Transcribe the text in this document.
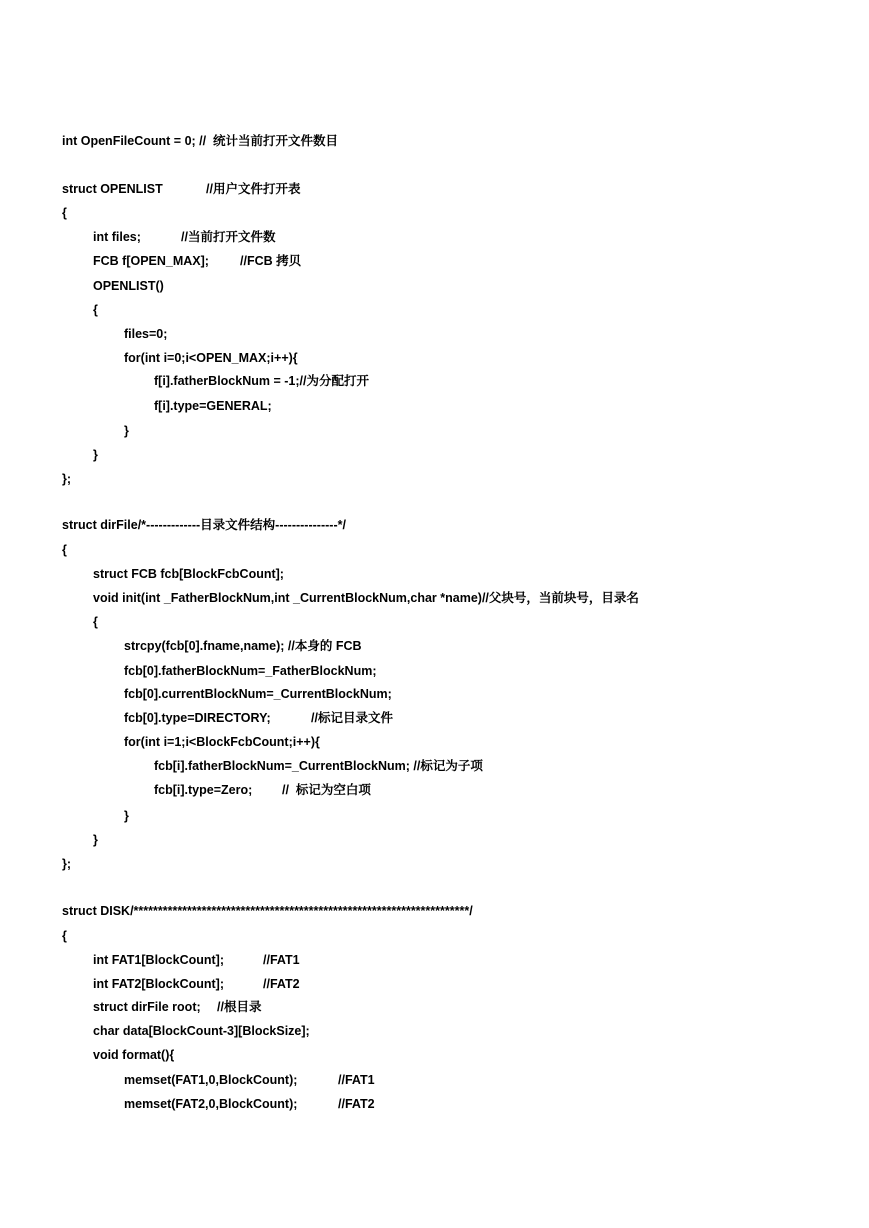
int OpenFileCount = 0; //  统计当前打开文件数目
struct OPENLIST	//用户文件打开表
{
int files;	//当前打开文件数
FCB f[OPEN_MAX]; //FCB 拷贝
OPENLIST()
{
files=0;
for(int i=0;i<OPEN_MAX;i++){
f[i].fatherBlockNum = -1;//为分配打开
f[i].type=GENERAL;
}
}
};
struct dirFile/*-------------目录文件结构---------------*/
{
struct FCB fcb[BlockFcbCount];
void init(int _FatherBlockNum,int _CurrentBlockNum,char *name)//父块号，当前块号，目录名
{
strcpy(fcb[0].fname,name); //本身的 FCB
fcb[0].fatherBlockNum=_FatherBlockNum;
fcb[0].currentBlockNum=_CurrentBlockNum;
fcb[0].type=DIRECTORY;	//标记目录文件
for(int i=1;i<BlockFcbCount;i++){
fcb[i].fatherBlockNum=_CurrentBlockNum; //标记为子项
fcb[i].type=Zero; //  标记为空白项
}
}
};
struct DISK/*********************************************************************/
{
int FAT1[BlockCount];	//FAT1
int FAT2[BlockCount];	//FAT2
struct dirFile root; //根目录
char data[BlockCount-3][BlockSize];
void format(){
memset(FAT1,0,BlockCount);	//FAT1
memset(FAT2,0,BlockCount);	//FAT2
